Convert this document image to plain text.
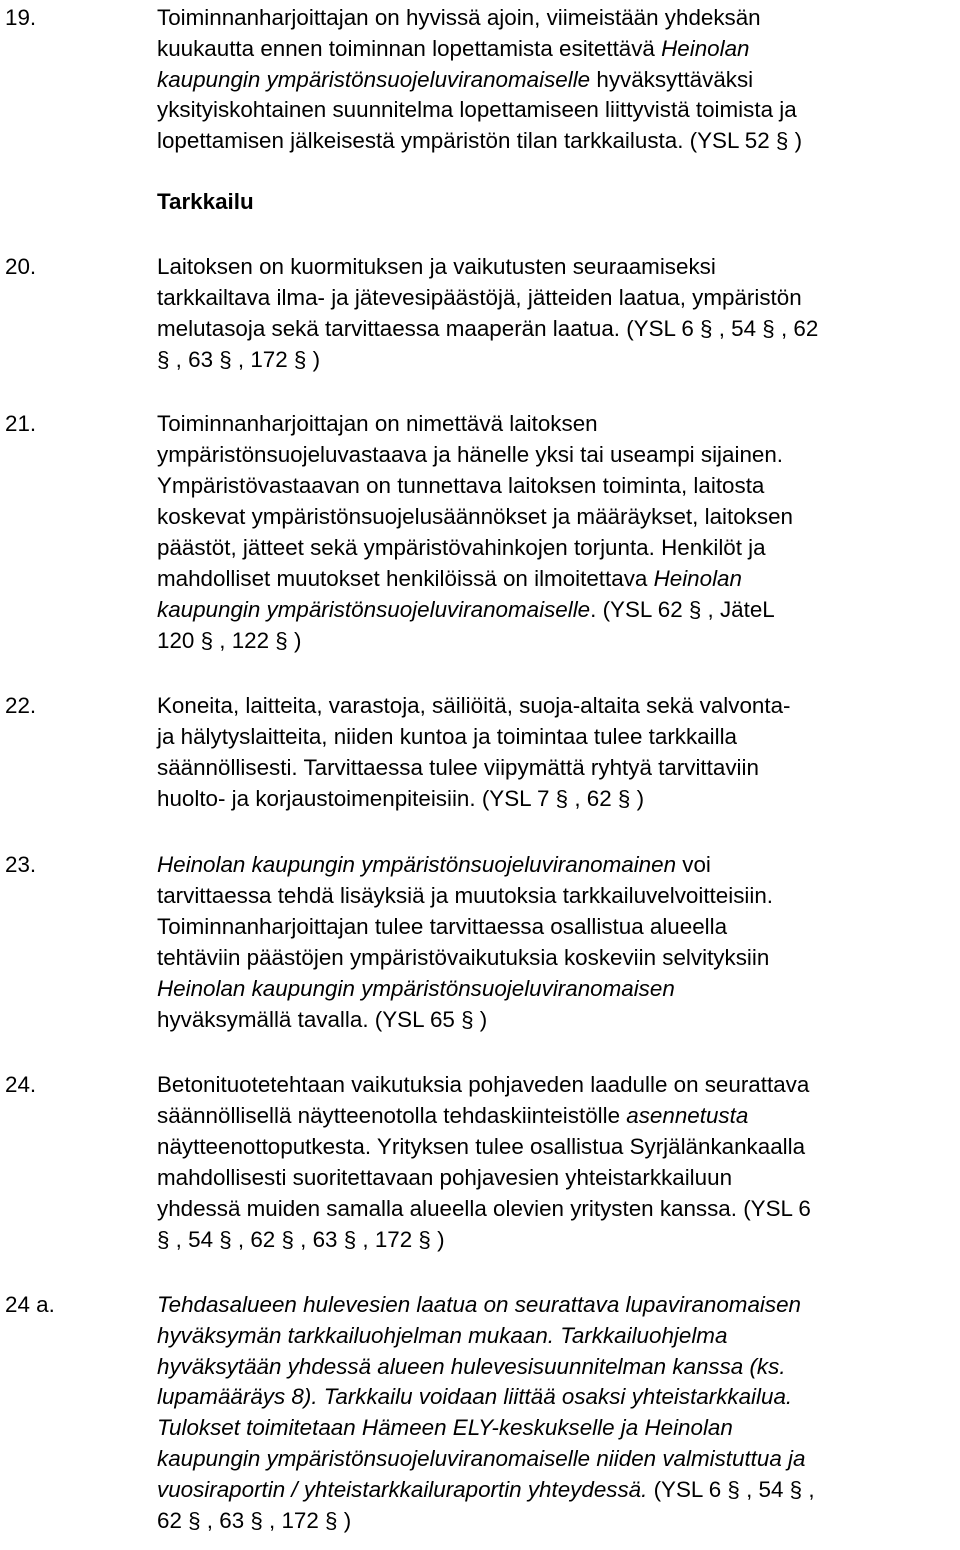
19.	Toiminnanharjoittajan on hyvissä ajoin, viimeistään yhdeksän
kuukautta ennen toiminnan lopettamista esitettävä Heinolan
kaupungin ympäristönsuojeluviranomaiselle hyväksyttäväksi
yksityiskohtainen suunnitelma lopettamiseen liittyvistä toimista ja
lopettamisen jälkeisestä ympäristön tilan tarkkailusta. (YSL 52 § )
Tarkkailu
20.	Laitoksen on kuormituksen ja vaikutusten seuraamiseksi
tarkkailtava ilma- ja jätevesipäästöjä, jätteiden laatua, ympäristön
melutasoja sekä tarvittaessa maaperän laatua. (YSL 6 § , 54 § , 62
§ , 63 § , 172 § )
21.	Toiminnanharjoittajan on nimettävä laitoksen
ympäristönsuojeluvastaava ja hänelle yksi tai useampi sijainen.
Ympäristövastaavan on tunnettava laitoksen toiminta, laitosta
koskevat ympäristönsuojelusäännökset ja määräykset, laitoksen
päästöt, jätteet sekä ympäristövahinkojen torjunta. Henkilöt ja
mahdolliset muutokset henkilöissä on ilmoitettava Heinolan
kaupungin ympäristönsuojeluviranomaiselle. (YSL 62 § , JäteL
120 § , 122 § )
22.	Koneita, laitteita, varastoja, säiliöitä, suoja-altaita sekä valvonta-
ja hälytyslaitteita, niiden kuntoa ja toimintaa tulee tarkkailla
säännöllisesti. Tarvittaessa tulee viipymättä ryhtyä tarvittaviin
huolto- ja korjaustoimenpiteisiin. (YSL 7 § , 62 § )
23.	Heinolan kaupungin ympäristönsuojeluviranomainen voi
tarvittaessa tehdä lisäyksiä ja muutoksia tarkkailuvelvoitteisiin.
Toiminnanharjoittajan tulee tarvittaessa osallistua alueella
tehtäviin päästöjen ympäristövaikutuksia koskeviin selvityksiin
Heinolan kaupungin ympäristönsuojeluviranomaisen
hyväksymällä tavalla. (YSL 65 § )
24.	Betonituotetehtaan vaikutuksia pohjaveden laadulle on seurattava
säännöllisellä näytteenotolla tehdaskiinteistölle asennetusta
näytteenottoputkesta. Yrityksen tulee osallistua Syrjälänkankaalla
mahdollisesti suoritettavaan pohjavesien yhteistarkkailuun
yhdessä muiden samalla alueella olevien yritysten kanssa. (YSL 6
§ , 54 § , 62 § , 63 § , 172 § )
24 a.	Tehdasalueen hulevesien laatua on seurattava lupaviranomaisen
hyväksymän tarkkailuohjelman mukaan. Tarkkailuohjelma
hyväksytään yhdessä alueen hulevesisuunnitelman kanssa (ks.
lupamääräys 8). Tarkkailu voidaan liittää osaksi yhteistarkkailua.
Tulokset toimitetaan Hämeen ELY-keskukselle ja Heinolan
kaupungin ympäristönsuojeluviranomaiselle niiden valmistuttua ja
vuosiraportin / yhteistarkkailuraportin yhteydessä. (YSL 6 § , 54 § ,
62 § , 63 § , 172 § )
